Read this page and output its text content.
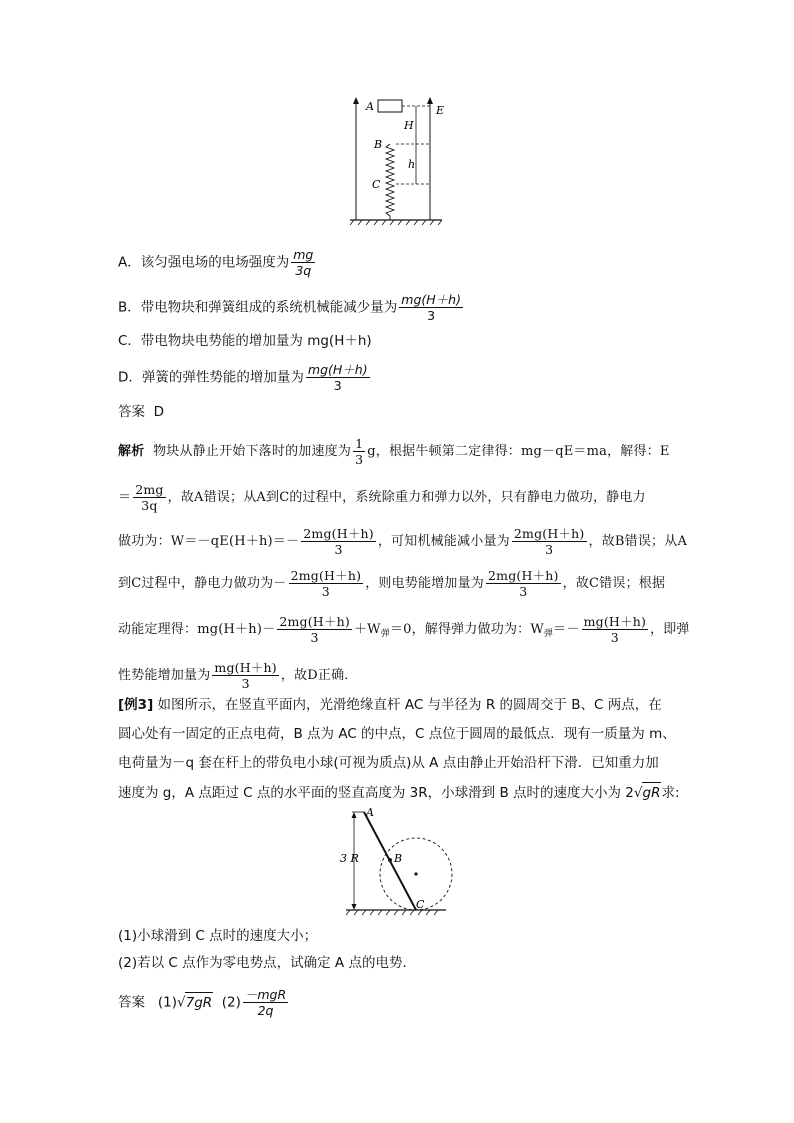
A
B
C
H
h
E
A．该匀强电场的电场强度为 $\frac{mg}{3q}$
B．带电物块和弹簧组成的系统机械能减少量为 $\frac{mg(H+h)}{3}$
C．带电物块电势能的增加量为 mg(H＋h)
D．弹簧的弹性势能的增加量为 $\frac{mg(H+h)}{3}$
答案 D
解析 物块从静止开始下落时的加速度为 $\frac{1}{3}$ g，根据牛顿第二定律得：mg－qE＝ma，解得：E
＝ $\frac{2mg}{3q}$ ，故A错误；从A到C的过程中，系统除重力和弹力以外，只有静电力做功，静电力
做功为：$W=-qE(H+h)=- \frac{2mg(H+h)}{3}$ ，可知机械能减小量为 $\frac{2mg(H+h)}{3}$ ，故B错误；从A
到C过程中，静电力做功为－ $\frac{2mg(H+h)}{3}$ ，则电势能增加量为 $\frac{2mg(H+h)}{3}$ ，故C错误；根据
动能定理得：$mg(H+h)- \frac{2mg(H+h)}{3} +W_弹=0$，解得弹力做功为：$W_弹=- \frac{mg(H+h)}{3}$ ，即弹
性势能增加量为 $\frac{mg(H+h)}{3}$ ，故D正确．
[例3] 如图所示，在竖直平面内，光滑绝缘直杆 AC 与半径为 R 的圆周交于 B、C 两点，在
圆心处有一固定的正点电荷，B 点为 AC 的中点，C 点位于圆周的最低点．现有一质量为 m、
电荷量为－q 套在杆上的带负电小球(可视为质点)从 A 点由静止开始沿杆下滑．已知重力加
速度为 g，A 点距过 C 点的水平面的竖直高度为 3R，小球滑到 B 点时的速度大小为 2√gR求:
3 R
A
B
C
(1)小球滑到 C 点时的速度大小；
(2)若以 C 点作为零电势点，试确定 A 点的电势．
答案 (1)√7gR $(2) \frac{\text{－mgR}}{2q}$
